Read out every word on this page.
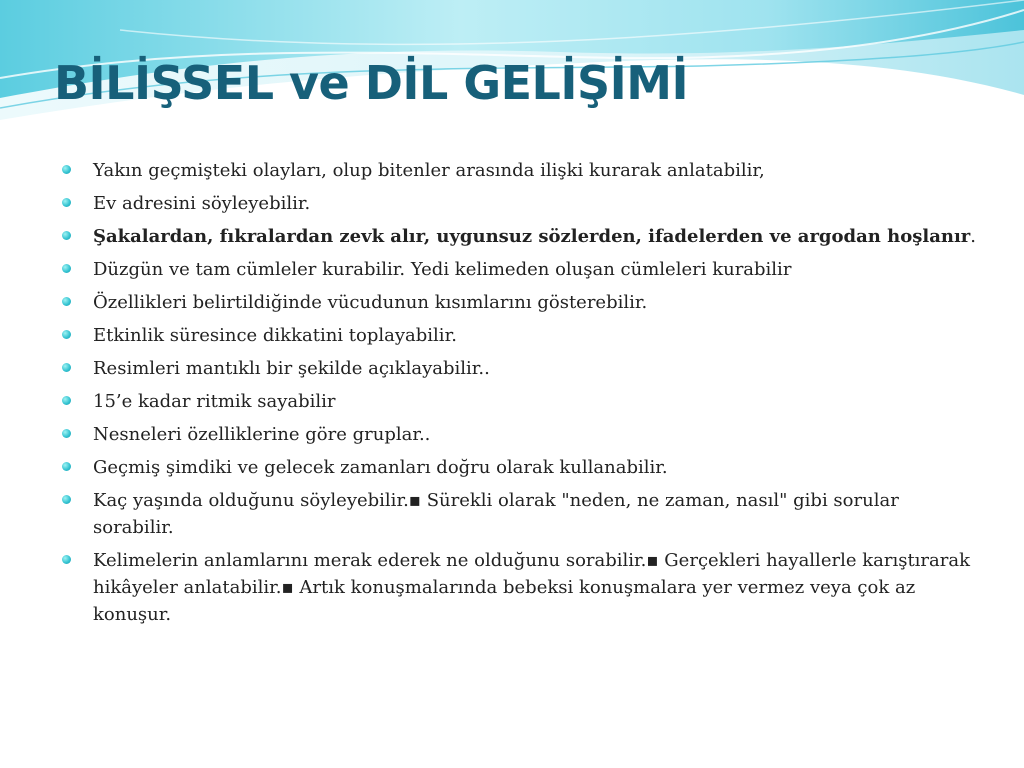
BİLİŞSEL ve DİL GELİŞİMİ
Yakın geçmişteki olayları, olup bitenler arasında ilişki kurarak anlatabilir,
Ev adresini söyleyebilir.
Şakalardan, fıkralardan zevk alır, uygunsuz sözlerden, ifadelerden ve argodan hoşlanır.
Düzgün ve tam cümleler kurabilir. Yedi kelimeden oluşan cümleleri kurabilir
Özellikleri belirtildiğinde vücudunun kısımlarını gösterebilir.
Etkinlik süresince dikkatini toplayabilir.
Resimleri mantıklı bir şekilde açıklayabilir..
15’e kadar ritmik sayabilir
Nesneleri özelliklerine göre gruplar..
Geçmiş şimdiki ve gelecek zamanları doğru olarak kullanabilir.
Kaç yaşında olduğunu söyleyebilir.▪ Sürekli olarak "neden, ne zaman, nasıl" gibi sorular sorabilir.
Kelimelerin anlamlarını merak ederek ne olduğunu sorabilir.▪ Gerçekleri hayallerle karıştırarak hikâyeler anlatabilir.▪ Artık konuşmalarında bebeksi konuşmalara yer vermez veya çok az konuşur.
